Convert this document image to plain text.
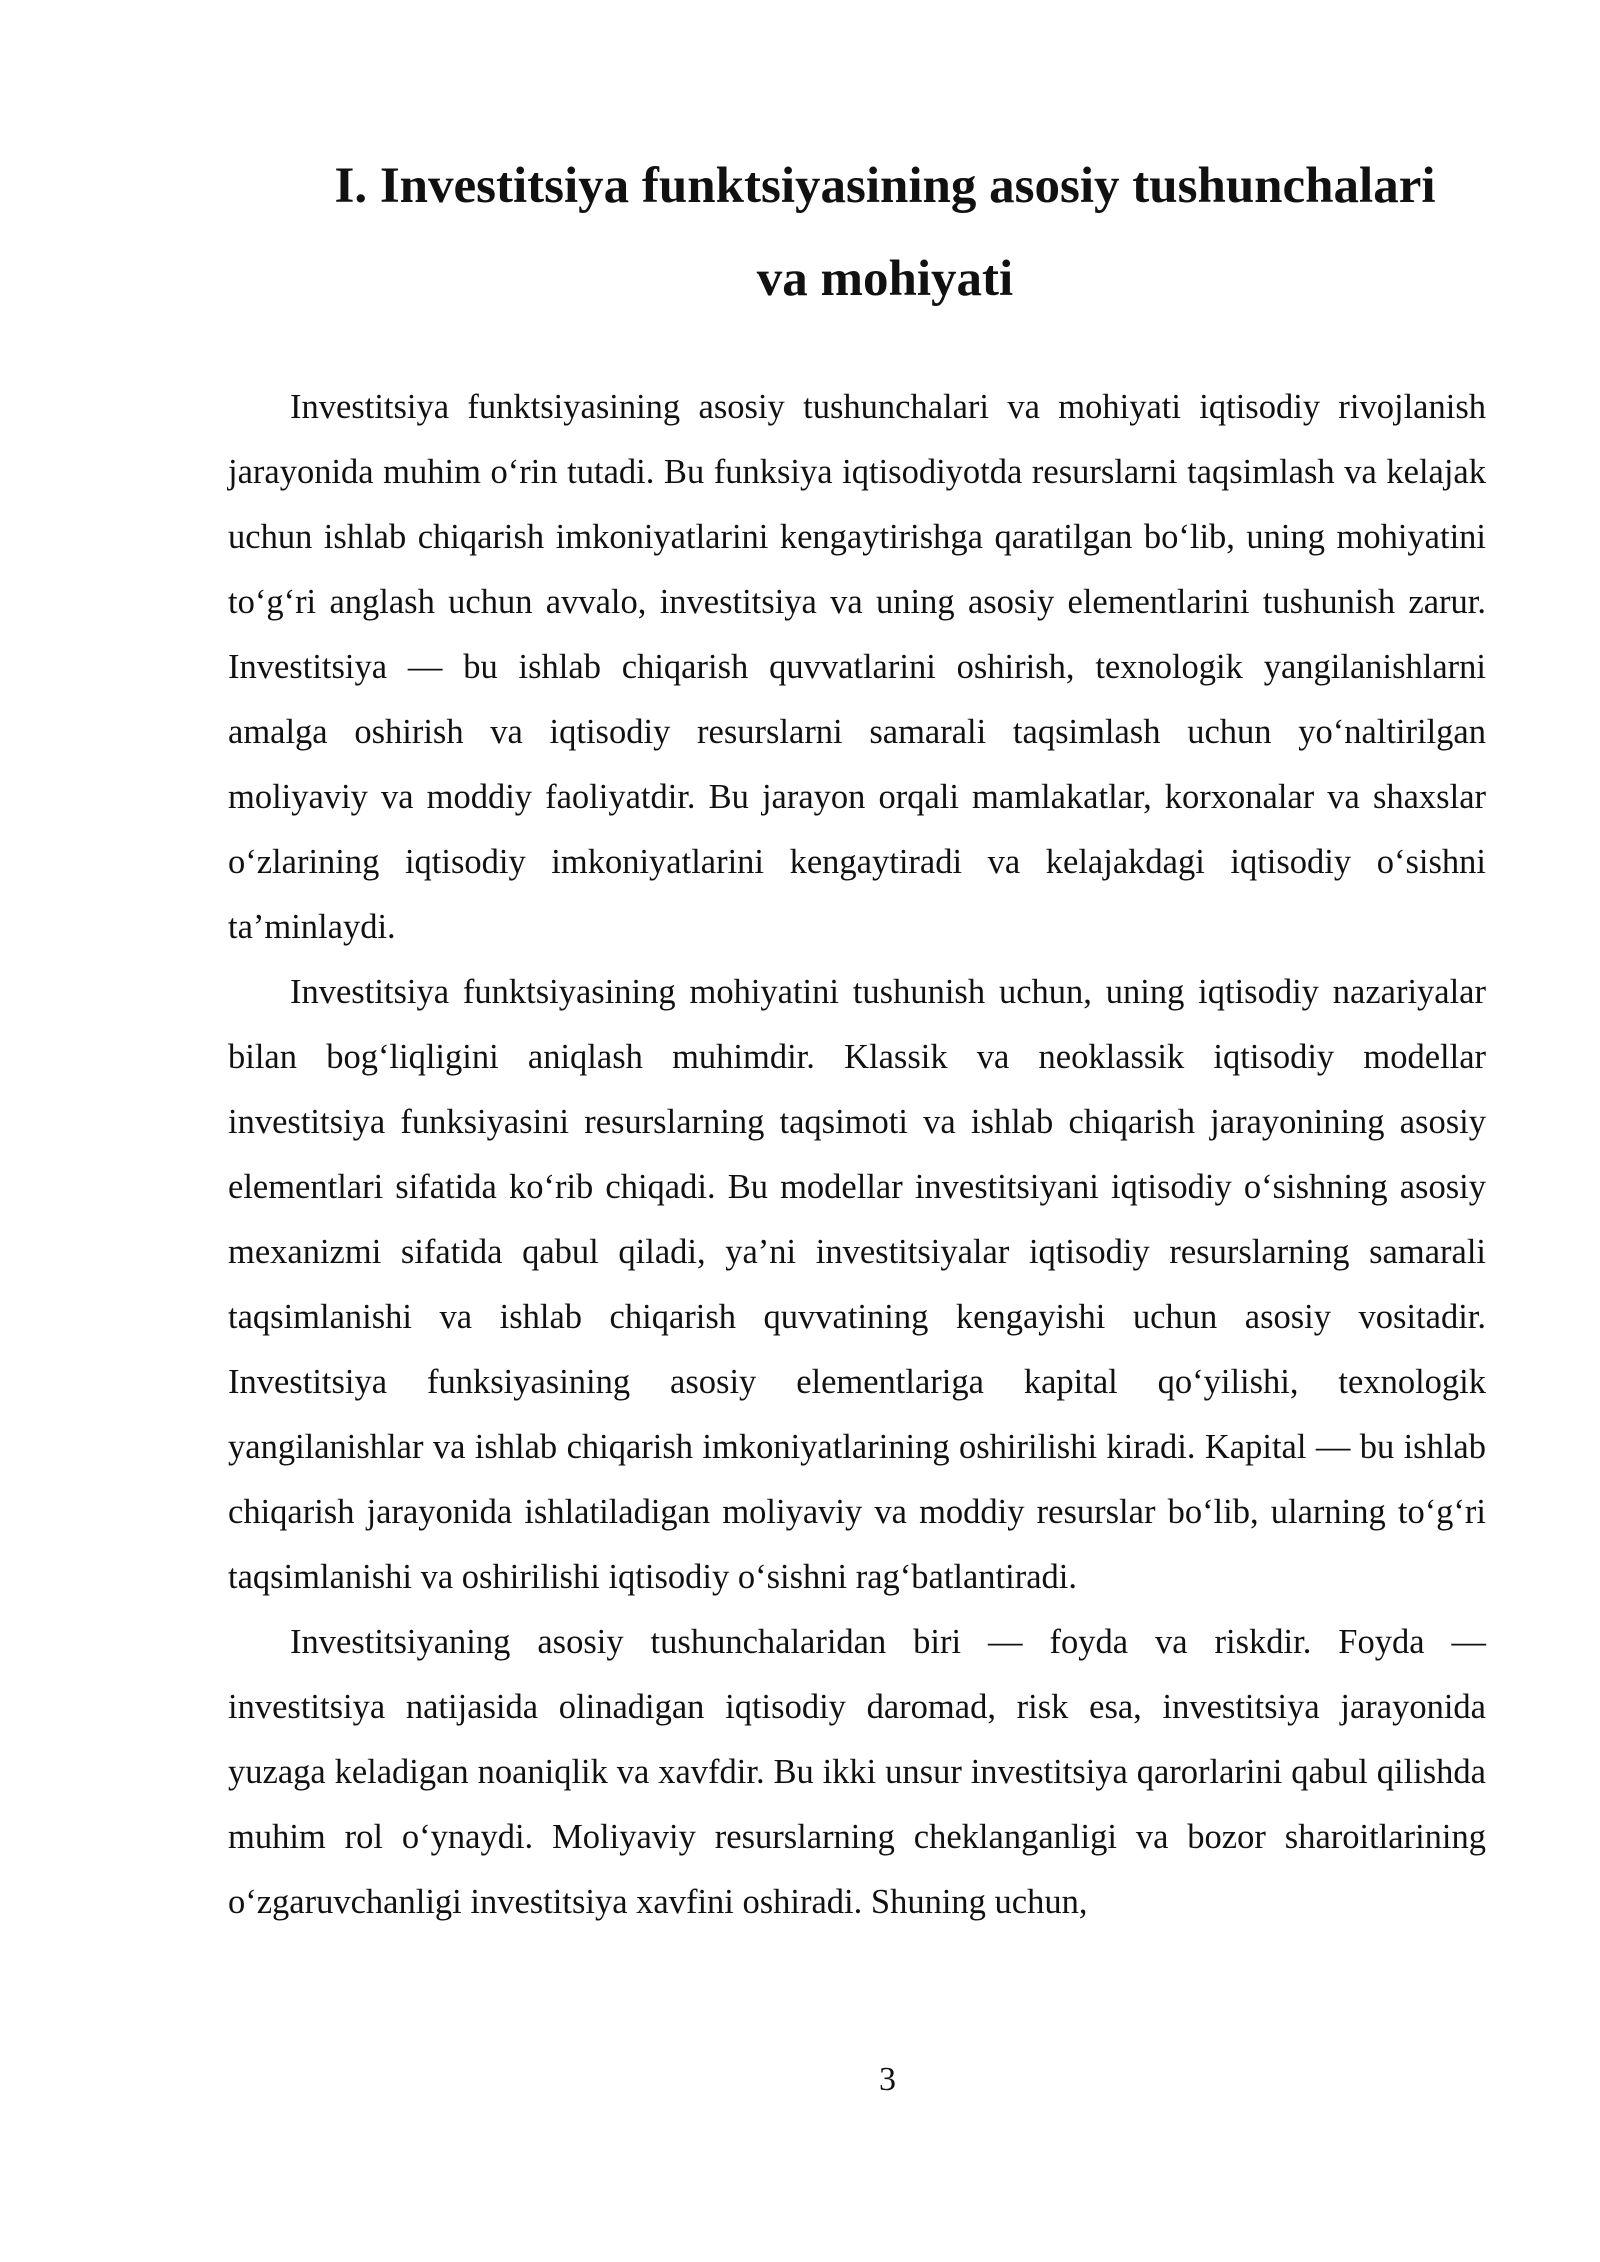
I. Investitsiya funktsiyasining asosiy tushunchalari
va mohiyati

Investitsiya funktsiyasining asosiy tushunchalari va mohiyati iqtisodiy rivojlanish jarayonida muhim o‘rin tutadi. Bu funksiya iqtisodiyotda resurslarni taqsimlash va kelajak uchun ishlab chiqarish imkoniyatlarini kengaytirishga qaratilgan bo‘lib, uning mohiyatini to‘g‘ri anglash uchun avvalo, investitsiya va uning asosiy elementlarini tushunish zarur. Investitsiya — bu ishlab chiqarish quvvatlarini oshirish, texnologik yangilanishlarni amalga oshirish va iqtisodiy resurslarni samarali taqsimlash uchun yo‘naltirilgan moliyaviy va moddiy faoliyatdir. Bu jarayon orqali mamlakatlar, korxonalar va shaxslar o‘zlarining iqtisodiy imkoniyatlarini kengaytiradi va kelajakdagi iqtisodiy o‘sishni ta’minlaydi.

Investitsiya funktsiyasining mohiyatini tushunish uchun, uning iqtisodiy nazariyalar bilan bog‘liqligini aniqlash muhimdir. Klassik va neoklassik iqtisodiy modellar investitsiya funksiyasini resurslarning taqsimoti va ishlab chiqarish jarayonining asosiy elementlari sifatida ko‘rib chiqadi. Bu modellar investitsiyani iqtisodiy o‘sishning asosiy mexanizmi sifatida qabul qiladi, ya’ni investitsiyalar iqtisodiy resurslarning samarali taqsimlanishi va ishlab chiqarish quvvatining kengayishi uchun asosiy vositadir. Investitsiya funksiyasining asosiy elementlariga kapital qo‘yilishi, texnologik yangilanishlar va ishlab chiqarish imkoniyatlarining oshirilishi kiradi. Kapital — bu ishlab chiqarish jarayonida ishlatiladigan moliyaviy va moddiy resurslar bo‘lib, ularning to‘g‘ri taqsimlanishi va oshirilishi iqtisodiy o‘sishni rag‘batlantiradi.

Investitsiyaning asosiy tushunchalaridan biri — foyda va riskdir. Foyda — investitsiya natijasida olinadigan iqtisodiy daromad, risk esa, investitsiya jarayonida yuzaga keladigan noaniqlik va xavfdir. Bu ikki unsur investitsiya qarorlarini qabul qilishda muhim rol o‘ynaydi. Moliyaviy resurslarning cheklanganligi va bozor sharoitlarining o‘zgaruvchanligi investitsiya xavfini oshiradi. Shuning uchun,

3
